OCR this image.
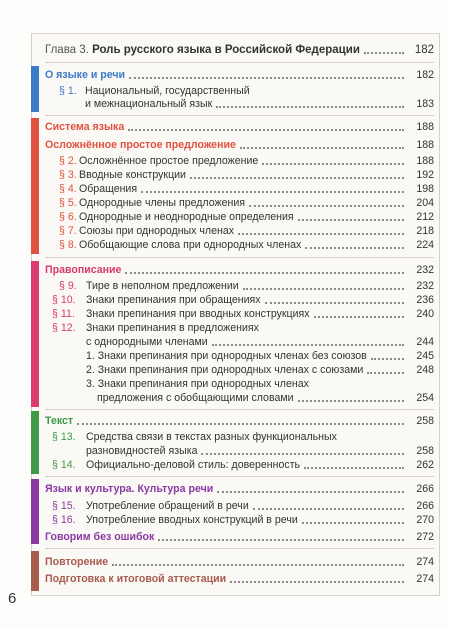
Глава 3. Роль русского языка в Российской Федерации	182
О языке и речи	182
§ 1. Национальный, государственный
и межнациональный язык	183
Система языка	188
Осложнённое простое предложение	188
§ 2. Осложнённое простое предложение	188
§ 3. Вводные конструкции	192
§ 4. Обращения	198
§ 5. Однородные члены предложения	204
§ 6. Однородные и неоднородные определения	212
§ 7. Союзы при однородных членах	218
§ 8. Обобщающие слова при однородных членах	224
Правописание	232
§ 9. Тире в неполном предложении	232
§ 10. Знаки препинания при обращениях	236
§ 11. Знаки препинания при вводных конструкциях	240
§ 12. Знаки препинания в предложениях
с однородными членами	244
1. Знаки препинания при однородных членах без союзов	245
2. Знаки препинания при однородных членах с союзами	248
3. Знаки препинания при однородных членах
предложения с обобщающими словами	254
Текст	258
§ 13. Средства связи в текстах разных функциональных
разновидностей языка	258
§ 14. Официально-деловой стиль: доверенность	262
Язык и культура. Культура речи	266
§ 15. Употребление обращений в речи	266
§ 16. Употребление вводных конструкций в речи	270
Говорим без ошибок	272
Повторение	274
Подготовка к итоговой аттестации	274
6
